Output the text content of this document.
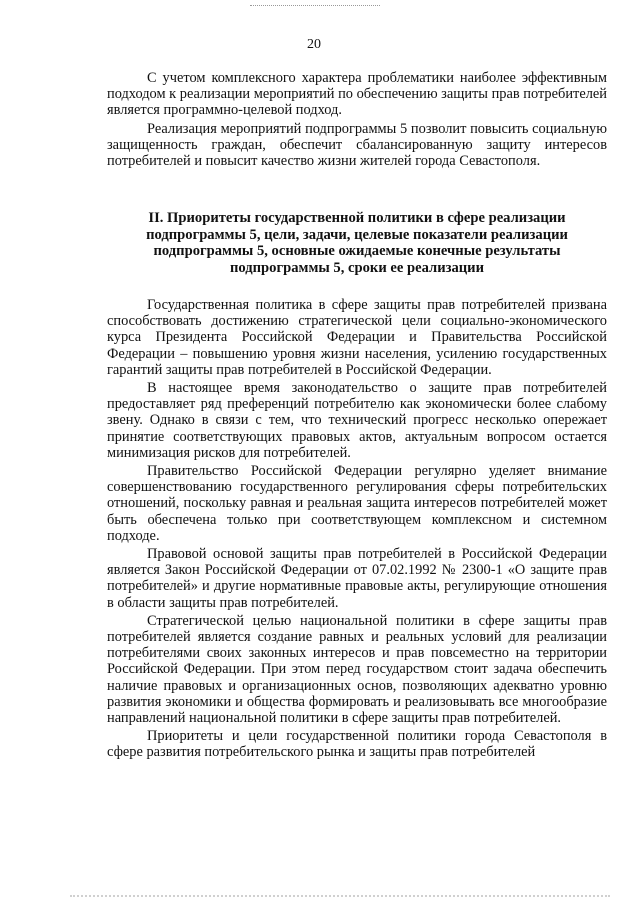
20

С учетом комплексного характера проблематики наиболее эффективным подходом к реализации мероприятий по обеспечению защиты прав потребителей является программно-целевой подход.

Реализация мероприятий подпрограммы 5 позволит повысить социальную защищенность граждан, обеспечит сбалансированную защиту интересов потребителей и повысит качество жизни жителей города Севастополя.

II. Приоритеты государственной политики в сфере реализации
подпрограммы 5, цели, задачи, целевые показатели реализации
подпрограммы 5, основные ожидаемые конечные результаты
подпрограммы 5, сроки ее реализации

Государственная политика в сфере защиты прав потребителей призвана способствовать достижению стратегической цели социально-экономического курса Президента Российской Федерации и Правительства Российской Федерации – повышению уровня жизни населения, усилению государственных гарантий защиты прав потребителей в Российской Федерации.

В настоящее время законодательство о защите прав потребителей предоставляет ряд преференций потребителю как экономически более слабому звену. Однако в связи с тем, что технический прогресс несколько опережает принятие соответствующих правовых актов, актуальным вопросом остается минимизация рисков для потребителей.

Правительство Российской Федерации регулярно уделяет внимание совершенствованию государственного регулирования сферы потребительских отношений, поскольку равная и реальная защита интересов потребителей может быть обеспечена только при соответствующем комплексном и системном подходе.

Правовой основой защиты прав потребителей в Российской Федерации является Закон Российской Федерации от 07.02.1992 № 2300-1 «О защите прав потребителей» и другие нормативные правовые акты, регулирующие отношения в области защиты прав потребителей.

Стратегической целью национальной политики в сфере защиты прав потребителей является создание равных и реальных условий для реализации потребителями своих законных интересов и прав повсеместно на территории Российской Федерации. При этом перед государством стоит задача обеспечить наличие правовых и организационных основ, позволяющих адекватно уровню развития экономики и общества формировать и реализовывать все многообразие направлений национальной политики в сфере защиты прав потребителей.

Приоритеты и цели государственной политики города Севастополя в сфере развития потребительского рынка и защиты прав потребителей
